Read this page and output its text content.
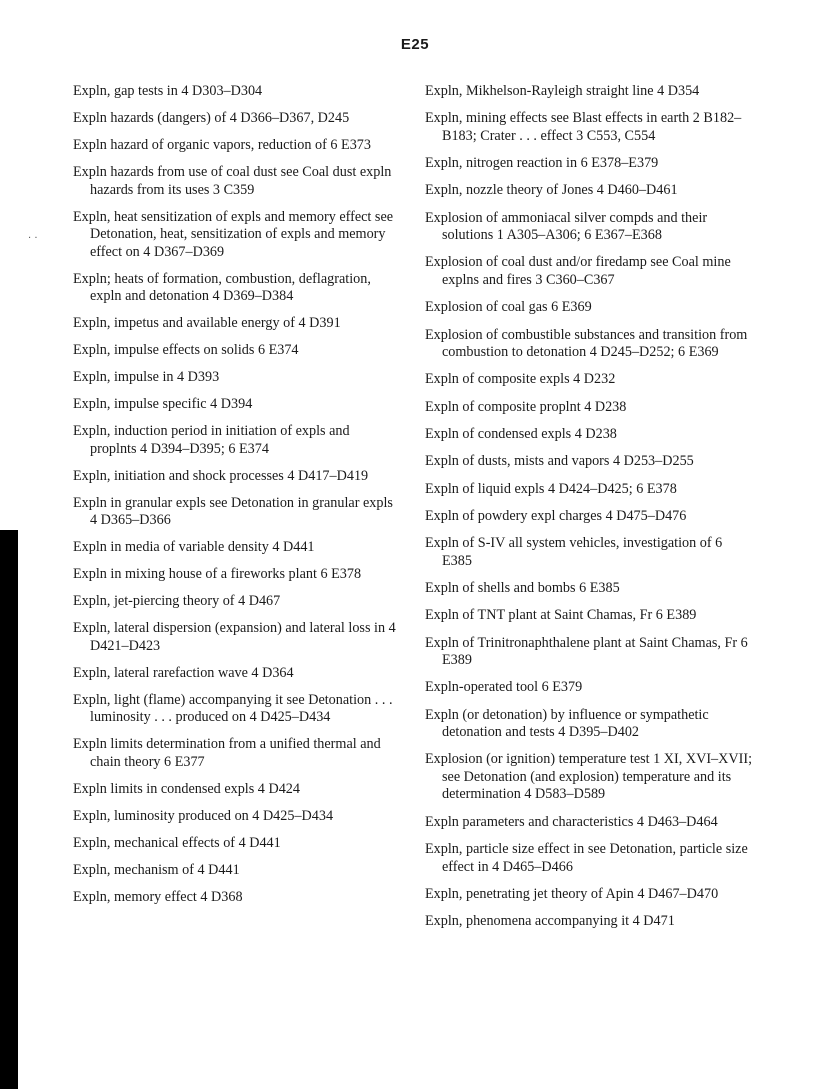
E25
. .

Expln, gap tests in 4 D303–D304

Expln hazards (dangers) of 4 D366–D367, D245

Expln hazard of organic vapors, reduction of 6 E373

Expln hazards from use of coal dust see Coal dust expln hazards from its uses 3 C359

Expln, heat sensitization of expls and memory effect see Detonation, heat, sensitization of expls and memory effect on 4 D367–D369

Expln; heats of formation, combustion, deflagration, expln and detonation 4 D369–D384

Expln, impetus and available energy of 4 D391

Expln, impulse effects on solids 6 E374

Expln, impulse in 4 D393

Expln, impulse specific 4 D394

Expln, induction period in initiation of expls and proplnts 4 D394–D395; 6 E374

Expln, initiation and shock processes 4 D417–D419

Expln in granular expls see Detonation in granular expls 4 D365–D366

Expln in media of variable density 4 D441

Expln in mixing house of a fireworks plant 6 E378

Expln, jet-piercing theory of 4 D467

Expln, lateral dispersion (expansion) and lateral loss in 4 D421–D423

Expln, lateral rarefaction wave 4 D364

Expln, light (flame) accompanying it see Detonation . . . luminosity . . . produced on 4 D425–D434

Expln limits determination from a unified thermal and chain theory 6 E377

Expln limits in condensed expls 4 D424

Expln, luminosity produced on 4 D425–D434

Expln, mechanical effects of 4 D441

Expln, mechanism of 4 D441

Expln, memory effect 4 D368

Expln, Mikhelson-Rayleigh straight line 4 D354

Expln, mining effects see Blast effects in earth 2 B182–B183; Crater . . . effect 3 C553, C554

Expln, nitrogen reaction in 6 E378–E379

Expln, nozzle theory of Jones 4 D460–D461

Explosion of ammoniacal silver compds and their solutions 1 A305–A306; 6 E367–E368

Explosion of coal dust and/or firedamp see Coal mine explns and fires 3 C360–C367

Explosion of coal gas 6 E369

Explosion of combustible substances and transition from combustion to detonation 4 D245–D252; 6 E369

Expln of composite expls 4 D232

Expln of composite proplnt 4 D238

Expln of condensed expls 4 D238

Expln of dusts, mists and vapors 4 D253–D255

Expln of liquid expls 4 D424–D425; 6 E378

Expln of powdery expl charges 4 D475–D476

Expln of S-IV all system vehicles, investigation of 6 E385

Expln of shells and bombs 6 E385

Expln of TNT plant at Saint Chamas, Fr 6 E389

Expln of Trinitronaphthalene plant at Saint Chamas, Fr 6 E389

Expln-operated tool 6 E379

Expln (or detonation) by influence or sympathetic detonation and tests 4 D395–D402

Explosion (or ignition) temperature test 1 XI, XVI–XVII; see Detonation (and explosion) temperature and its determination 4 D583–D589

Expln parameters and characteristics 4 D463–D464

Expln, particle size effect in see Detonation, particle size effect in 4 D465–D466

Expln, penetrating jet theory of Apin 4 D467–D470

Expln, phenomena accompanying it 4 D471
